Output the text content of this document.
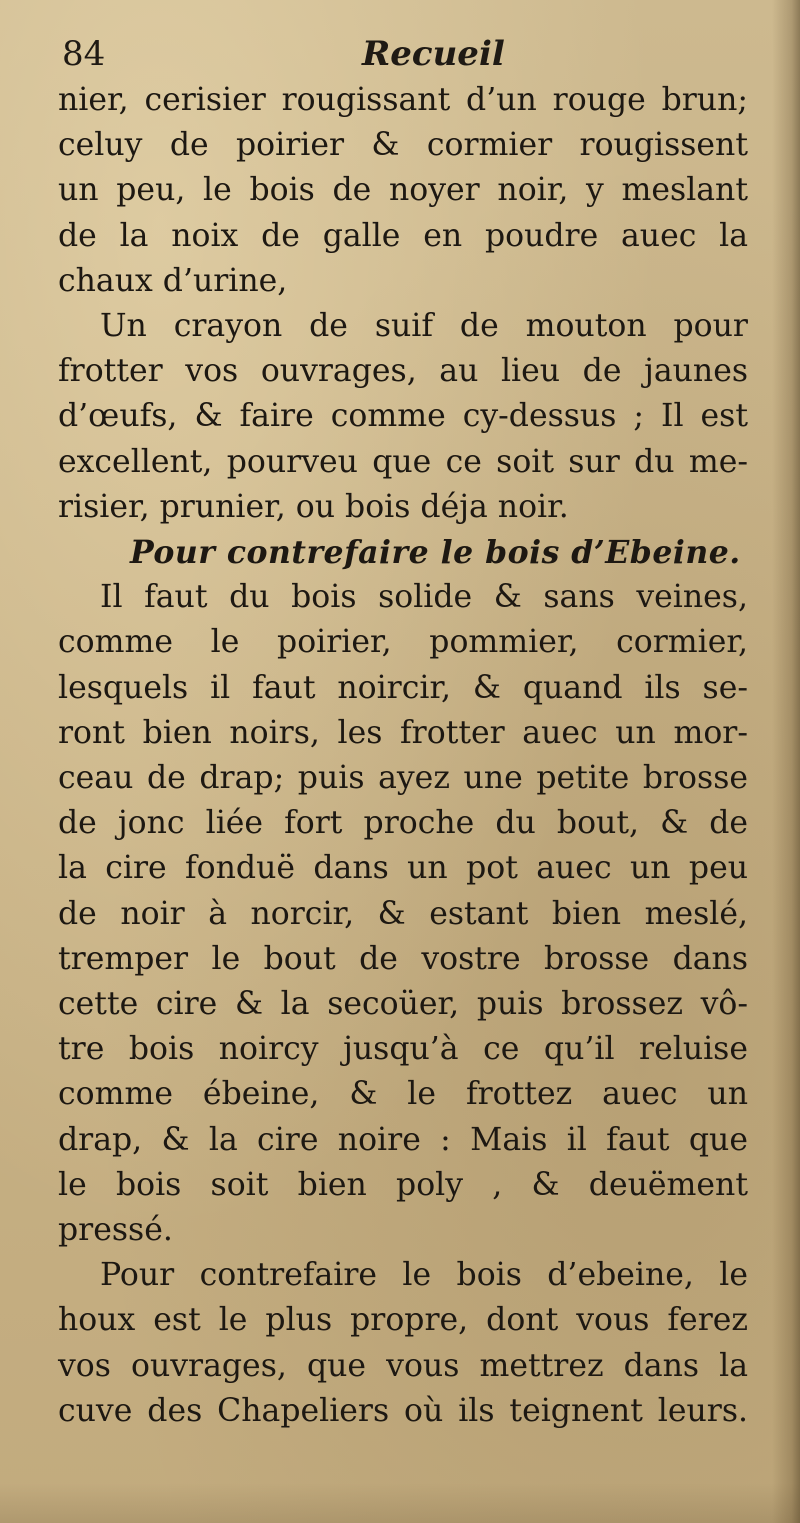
84	Recueil
nier, cerisier rougissant d’un rouge brun;
celuy de poirier & cormier rougissent
un peu, le bois de noyer noir, y meslant
de la noix de galle en poudre auec la
chaux d’urine,
Un crayon de suif de mouton pour
frotter vos ouvrages, au lieu de jaunes
d’œufs, & faire comme cy-dessus ; Il est
excellent, pourveu que ce soit sur du me-
risier, prunier, ou bois déja noir.
Pour contrefaire le bois d’Ebeine.
Il faut du bois solide & sans veines,
comme le poirier, pommier, cormier,
lesquels il faut noircir, & quand ils se-
ront bien noirs, les frotter auec un mor-
ceau de drap; puis ayez une petite brosse
de jonc liée fort proche du bout, & de
la cire fonduë dans un pot auec un peu
de noir à norcir, & estant bien meslé,
tremper le bout de vostre brosse dans
cette cire & la secoüer, puis brossez vô-
tre bois noircy jusqu’à ce qu’il reluise
comme ébeine, & le frottez auec un
drap, & la cire noire : Mais il faut que
le bois soit bien poly , & deuëment
pressé.
Pour contrefaire le bois d’ebeine, le
houx est le plus propre, dont vous ferez
vos ouvrages, que vous mettrez dans la
cuve des Chapeliers où ils teignent leurs.
